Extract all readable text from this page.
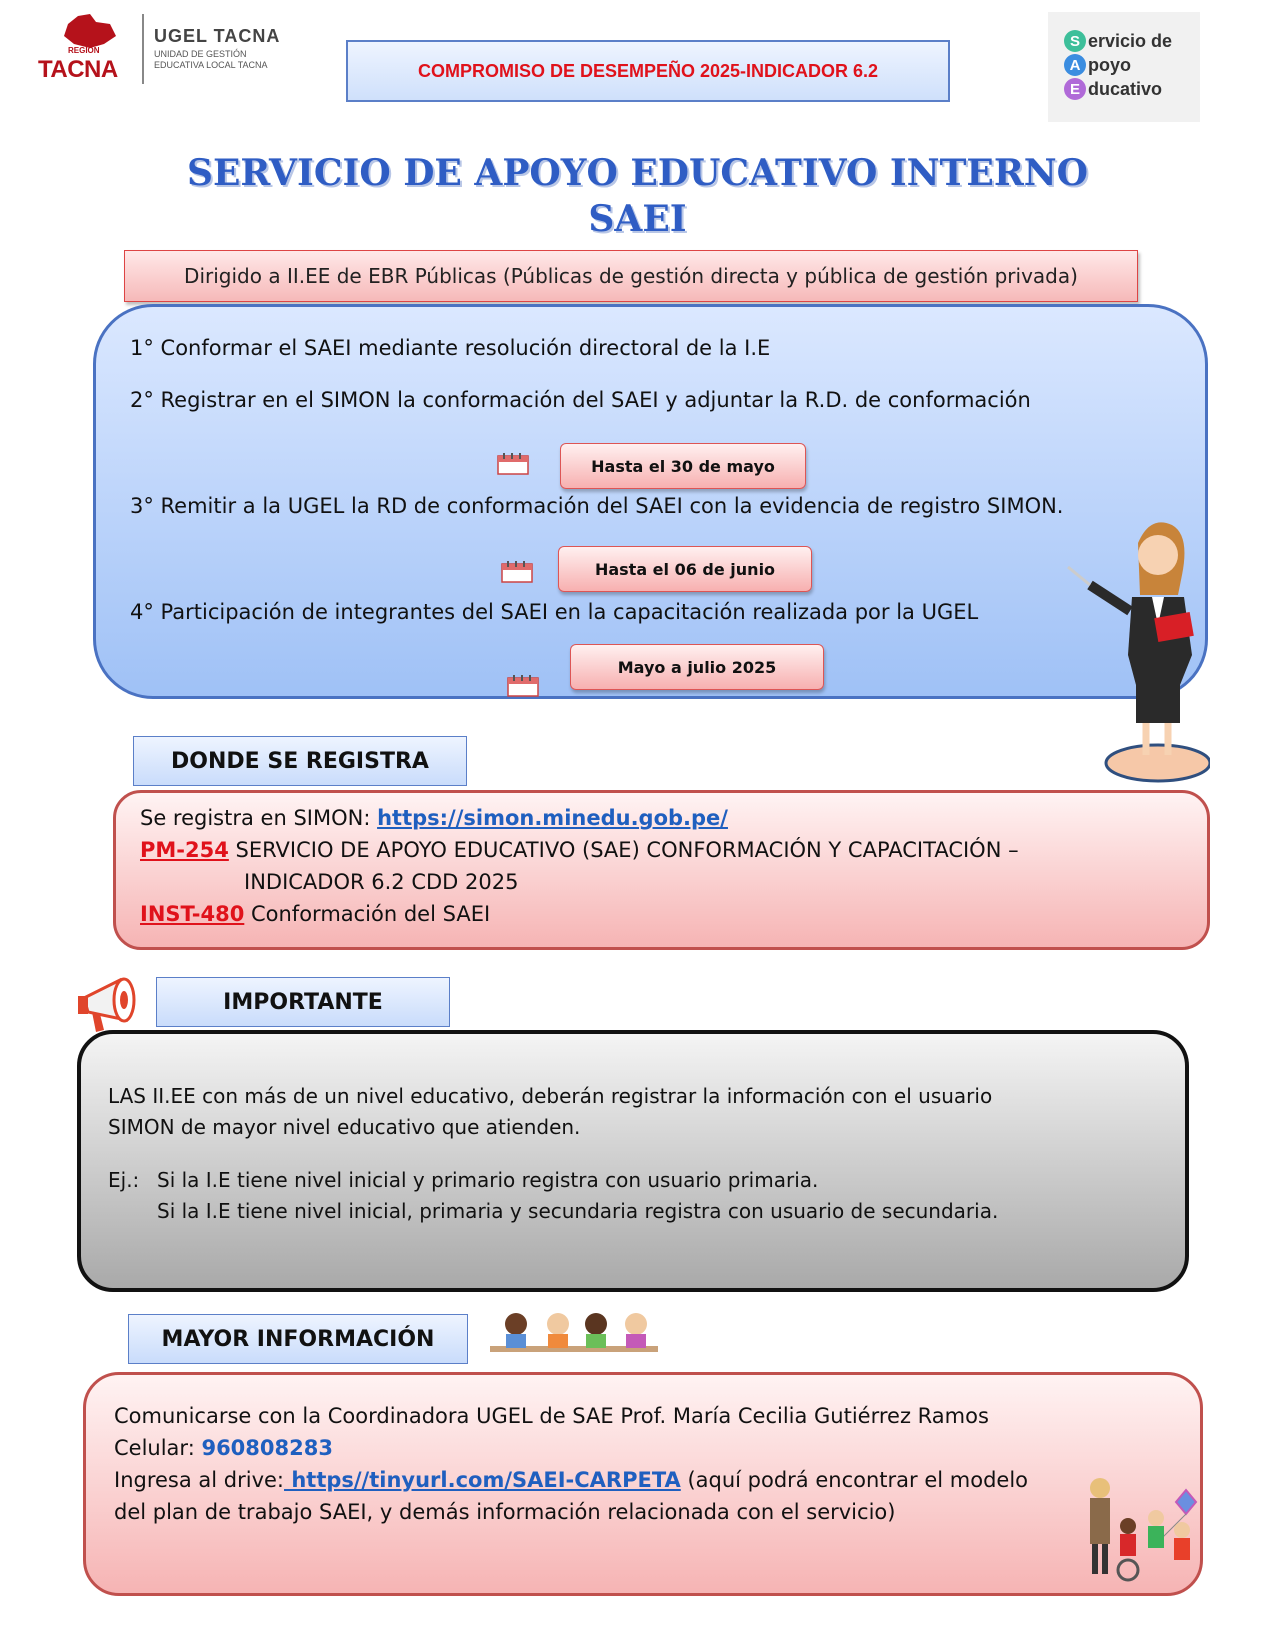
REGIÓN
TACNA
UGEL TACNA
UNIDAD DE GESTIÓN
EDUCATIVA LOCAL TACNA	COMPROMISO DE DESEMPEÑO 2025-INDICADOR 6.2
S ervicio de
A poyo
E ducativo
SERVICIO DE APOYO EDUCATIVO INTERNO
SAEI
Dirigido a II.EE de EBR Públicas (Públicas de gestión directa y pública de gestión privada)
1° Conformar el SAEI mediante resolución directoral de la I.E
2° Registrar en el SIMON la conformación del SAEI y adjuntar la R.D. de conformación
Hasta el 30 de mayo
3° Remitir a la UGEL la RD de conformación del SAEI con la evidencia de registro SIMON.
Hasta el 06 de junio
4° Participación de integrantes del SAEI en la capacitación realizada por la UGEL
Mayo a julio 2025
DONDE SE REGISTRA
Se registra en SIMON: https://simon.minedu.gob.pe/
PM-254 SERVICIO DE APOYO EDUCATIVO (SAE) CONFORMACIÓN Y CAPACITACIÓN –
INDICADOR 6.2 CDD 2025
INST-480 Conformación del SAEI
IMPORTANTE
LAS II.EE con más de un nivel educativo, deberán registrar la información con el usuario
SIMON de mayor nivel educativo que atienden.
Ej.: Si la I.E tiene nivel inicial y primario registra con usuario primaria.
Si la I.E tiene nivel inicial, primaria y secundaria registra con usuario de secundaria.
MAYOR INFORMACIÓN
Comunicarse con la Coordinadora UGEL de SAE Prof. María Cecilia Gutiérrez Ramos
Celular: 960808283
Ingresa al drive: https//tinyurl.com/SAEI-CARPETA (aquí podrá encontrar el modelo
del plan de trabajo SAEI, y demás información relacionada con el servicio)
